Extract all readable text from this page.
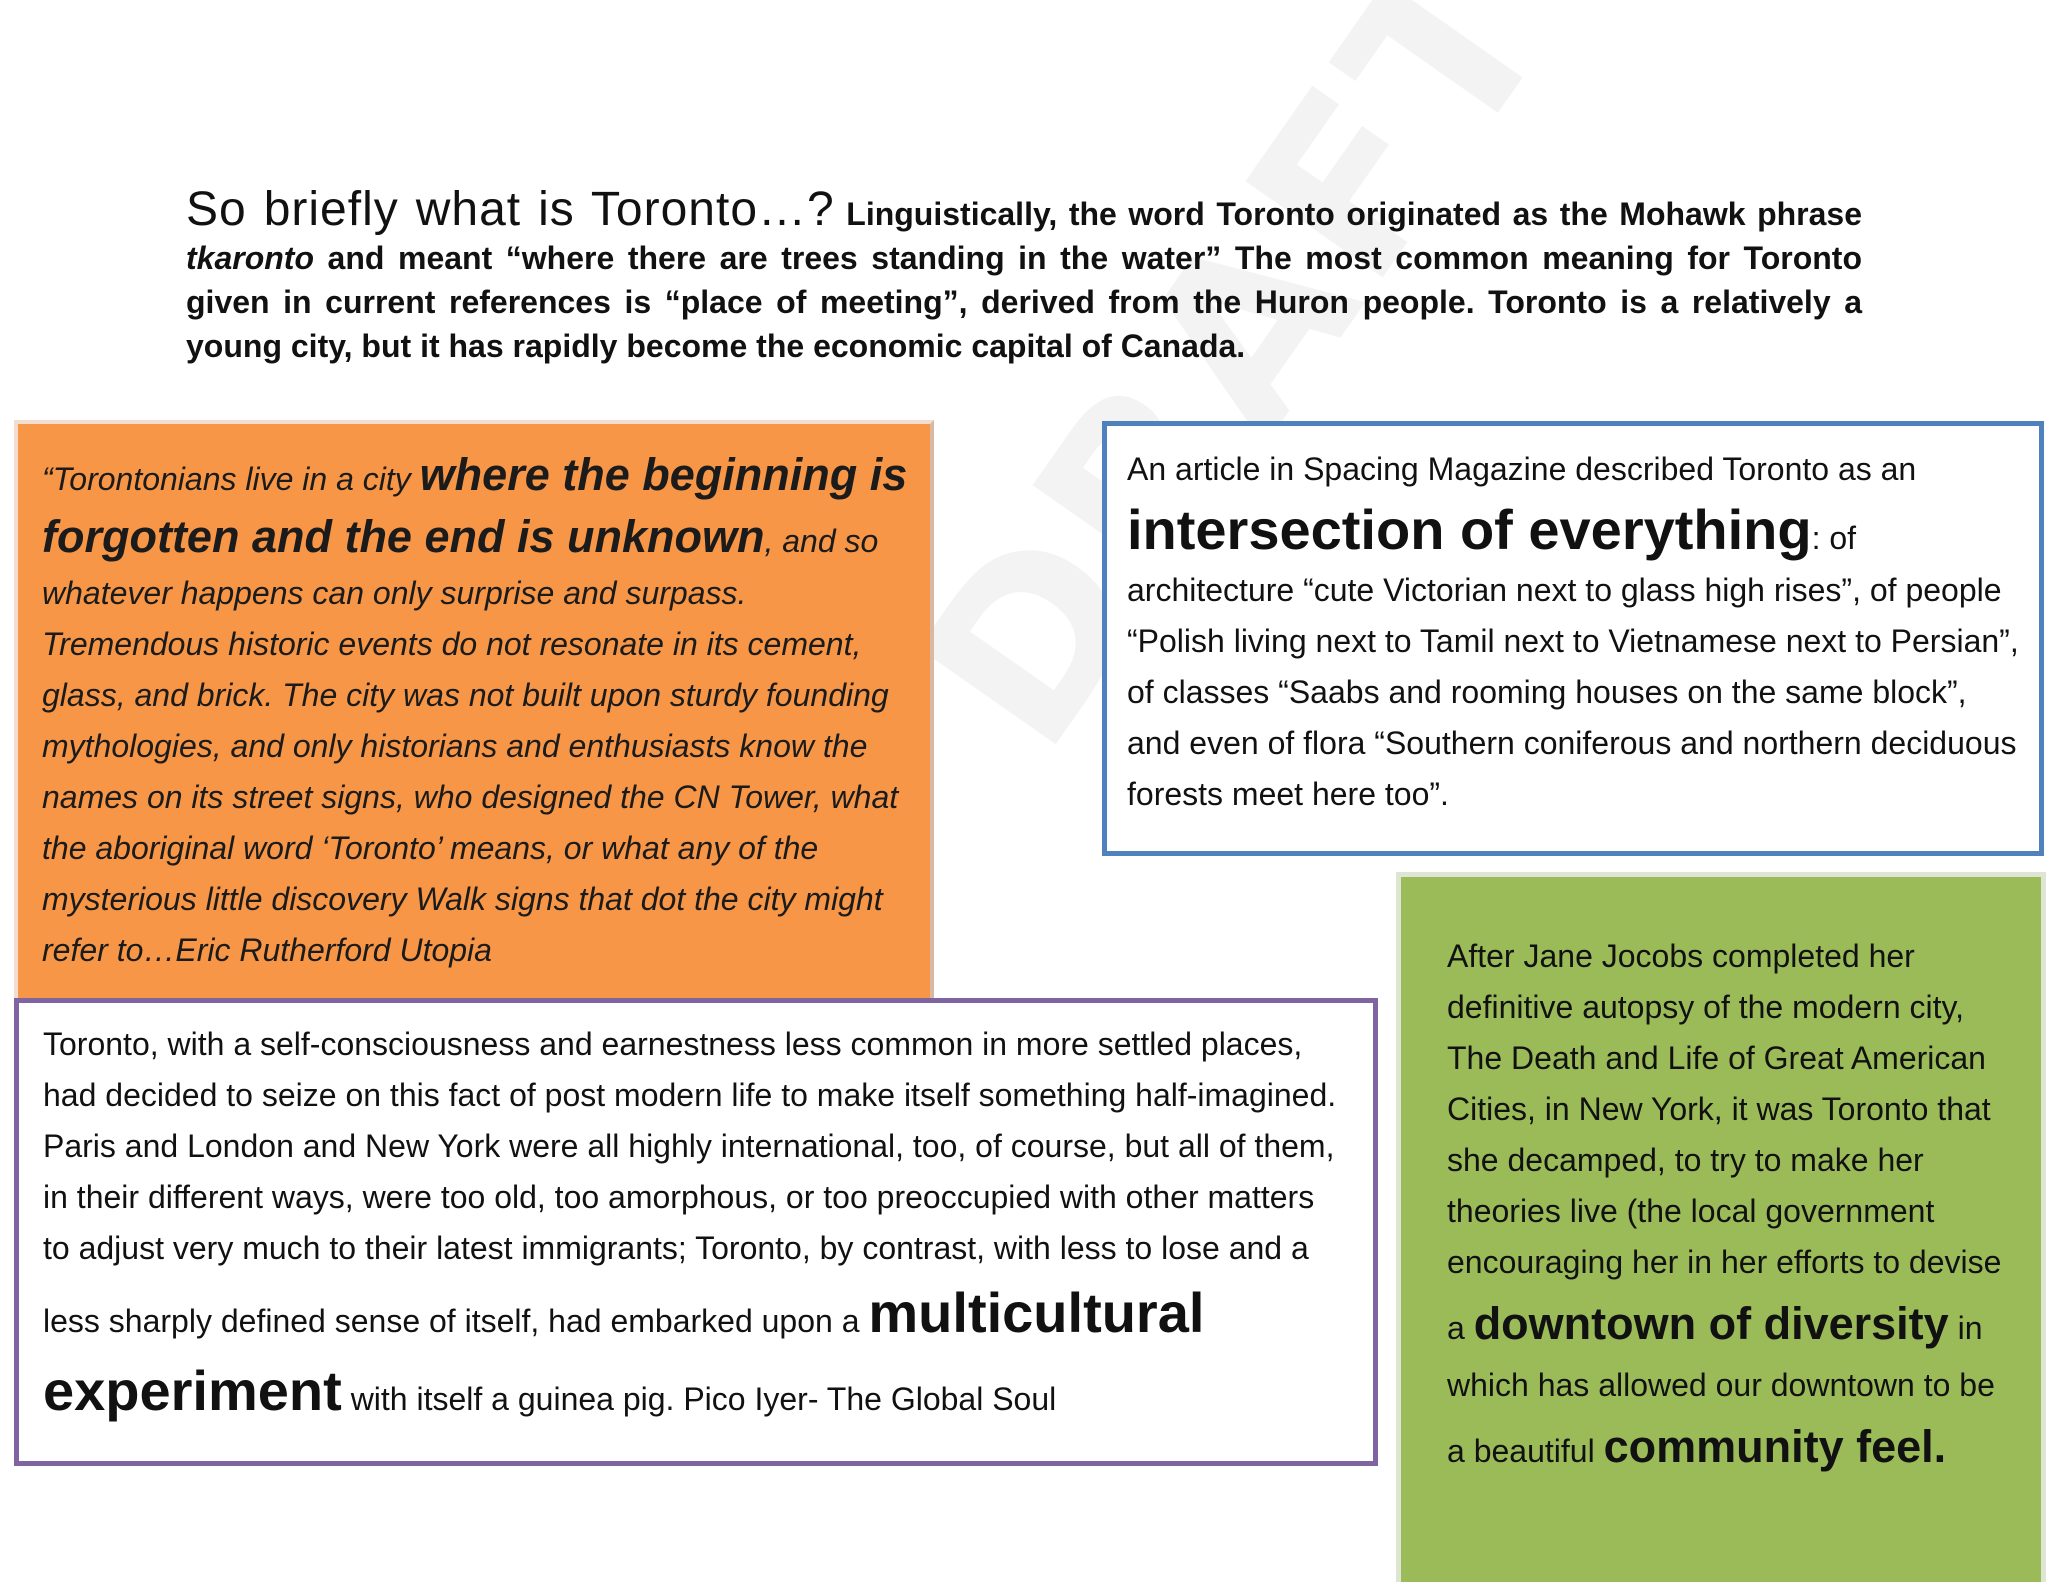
So briefly what is Toronto…? Linguistically, the word Toronto originated as the Mohawk phrase tkaronto and meant “where there are trees standing in the water” The most common meaning for Toronto given in current references is “place of meeting”, derived from the Huron people. Toronto is a relatively a young city, but it has rapidly become the economic capital of Canada.
“Torontonians live in a city where the beginning is forgotten and the end is unknown, and so whatever happens can only surprise and surpass. Tremendous historic events do not resonate in its cement, glass, and brick. The city was not built upon sturdy founding mythologies, and only historians and enthusiasts know the names on its street signs, who designed the CN Tower, what the aboriginal word ‘Toronto’ means, or what any of the mysterious little discovery Walk signs that dot the city might refer to…Eric Rutherford Utopia
An article in Spacing Magazine described Toronto as an intersection of everything: of architecture “cute Victorian next to glass high rises”, of people “Polish living next to Tamil next to Vietnamese next to Persian”, of classes “Saabs and rooming houses on the same block”, and even of flora “Southern coniferous and northern deciduous forests meet here too”.
After Jane Jocobs completed her definitive autopsy of the modern city, The Death and Life of Great American Cities, in New York, it was Toronto that she decamped, to try to make her theories live (the local government encouraging her in her efforts to devise a downtown of diversity in which has allowed our downtown to be a beautiful community feel.
Toronto, with a self-consciousness and earnestness less common in more settled places, had decided to seize on this fact of post modern life to make itself something half-imagined. Paris and London and New York were all highly international, too, of course, but all of them, in their different ways, were too old, too amorphous, or too preoccupied with other matters to adjust very much to their latest immigrants; Toronto, by contrast, with less to lose and a less sharply defined sense of itself, had embarked upon a multicultural experiment with itself a guinea pig. Pico Iyer- The Global Soul
